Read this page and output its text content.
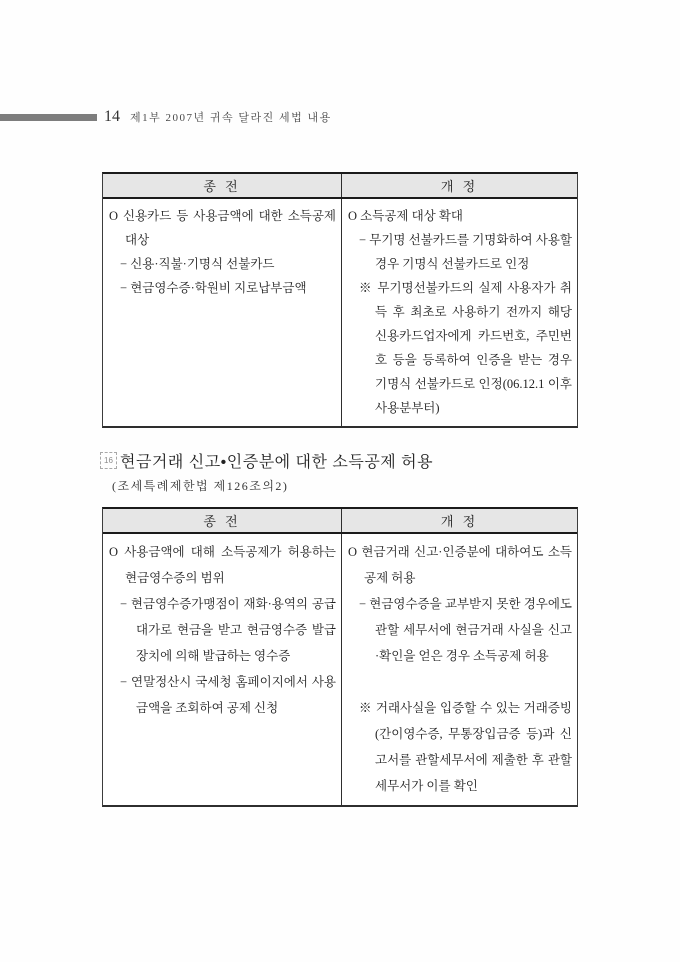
14 제1부 2007년 귀속 달라진 세법 내용
종 전	개 정
O 신용카드 등 사용금액에 대한 소득공제 대상
− 신용·직불·기명식 선불카드
− 현금영수증·학원비 지로납부금액
O 소득공제 대상 확대
− 무기명 선불카드를 기명화하여 사용할 경우 기명식 선불카드로 인정
※ 무기명선불카드의 실제 사용자가 취득 후 최초로 사용하기 전까지 해당 신용카드업자에게 카드번호, 주민번호 등을 등록하여 인증을 받는 경우 기명식 선불카드로 인정(06.12.1 이후 사용분부터)
16 현금거래 신고•인증분에 대한 소득공제 허용
(조세특례제한법 제126조의2)
종 전	개 정
O 사용금액에 대해 소득공제가 허용하는 현금영수증의 범위
− 현금영수증가맹점이 재화·용역의 공급 대가로 현금을 받고 현금영수증 발급 장치에 의해 발급하는 영수증
− 연말정산시 국세청 홈페이지에서 사용 금액을 조회하여 공제 신청
O 현금거래 신고·인증분에 대하여도 소득공제 허용
− 현금영수증을 교부받지 못한 경우에도 관할 세무서에 현금거래 사실을 신고·확인을 얻은 경우 소득공제 허용
※ 거래사실을 입증할 수 있는 거래증빙(간이영수증, 무통장입금증 등)과 신고서를 관할세무서에 제출한 후 관할 세무서가 이를 확인
